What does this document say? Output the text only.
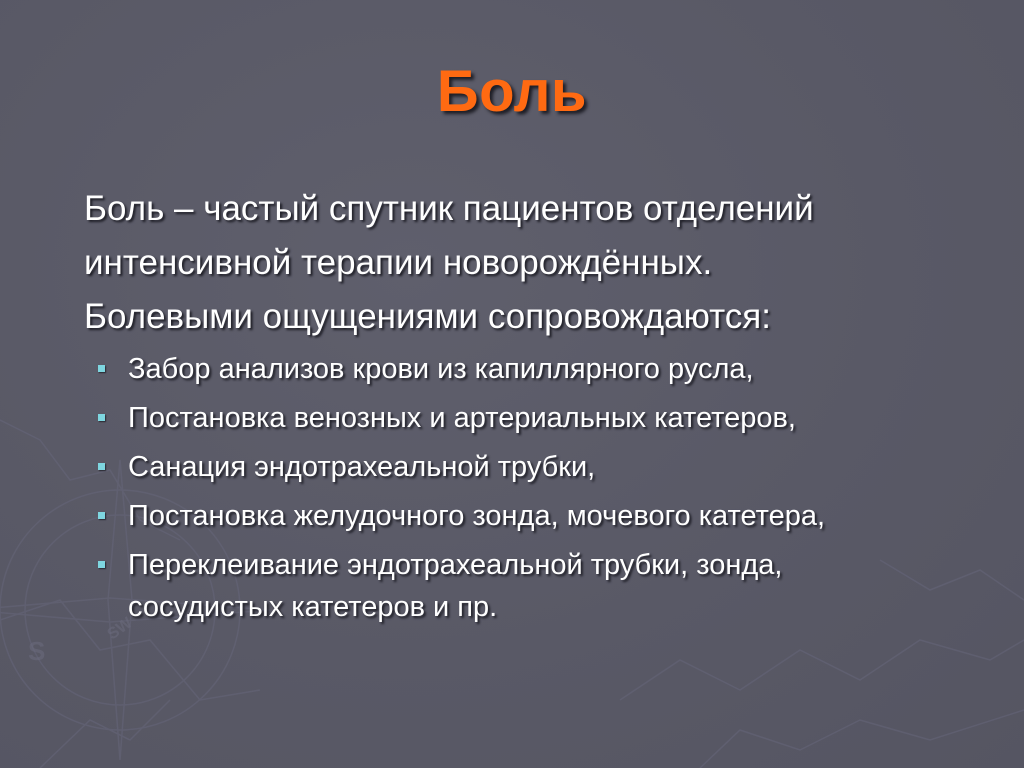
S
SW
Боль

Боль – частый спутник пациентов отделений
интенсивной терапии новорождённых.
Болевыми ощущениями сопровождаются:

Забор анализов крови из капиллярного русла,
Постановка венозных и артериальных катетеров,
Санация эндотрахеальной трубки,
Постановка желудочного зонда, мочевого катетера,
Переклеивание эндотрахеальной трубки, зонда,
сосудистых катетеров и пр.
